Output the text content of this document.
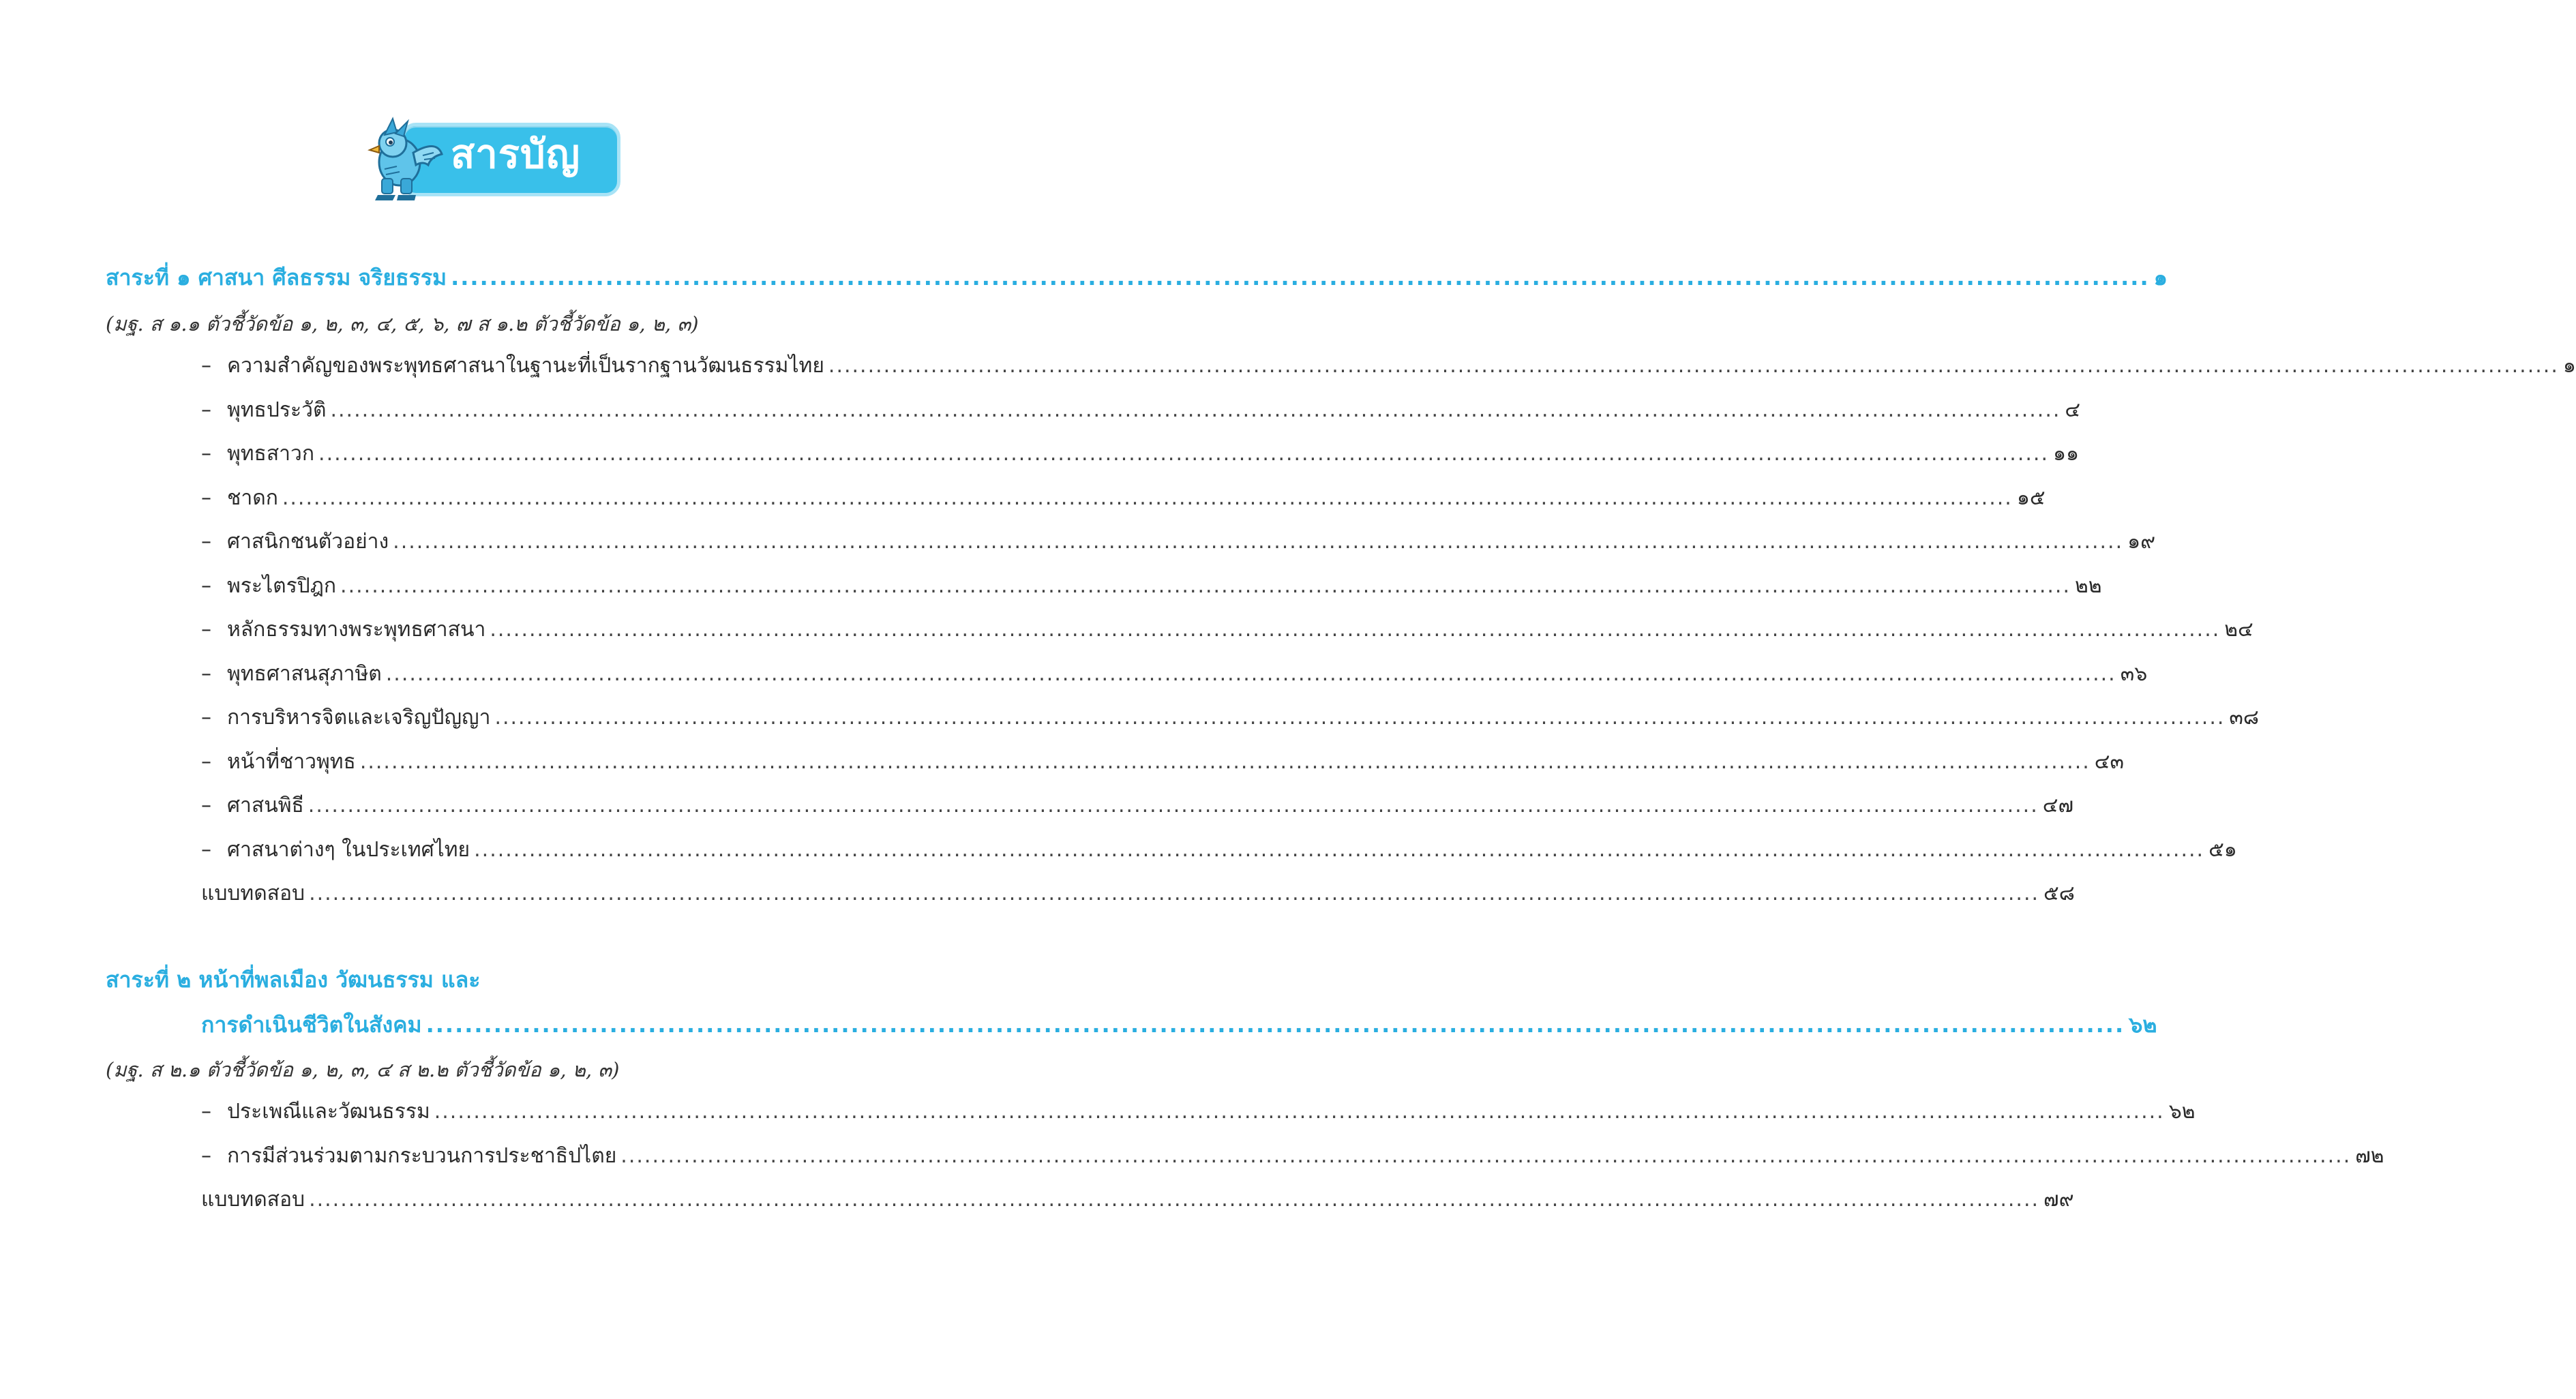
สารบัญ
สาระที่ ๑ ศาสนา ศีลธรรม จริยธรรม ................................................................................................................................................................................ ๑
(มฐ. ส ๑.๑ ตัวชี้วัดข้อ ๑, ๒, ๓, ๔, ๕, ๖, ๗ ส ๑.๒ ตัวชี้วัดข้อ ๑, ๒, ๓)
– ความสำคัญของพระพุทธศาสนาในฐานะที่เป็นรากฐานวัฒนธรรมไทย ............................................................................................................................................................................................................................ ๑
– พุทธประวัติ ............................................................................................................................................................................................................................ ๔
– พุทธสาวก ............................................................................................................................................................................................................................ ๑๑
– ชาดก ............................................................................................................................................................................................................................ ๑๕
– ศาสนิกชนตัวอย่าง ............................................................................................................................................................................................................................ ๑๙
– พระไตรปิฎก ............................................................................................................................................................................................................................ ๒๒
– หลักธรรมทางพระพุทธศาสนา ............................................................................................................................................................................................................................ ๒๔
– พุทธศาสนสุภาษิต ............................................................................................................................................................................................................................ ๓๖
– การบริหารจิตและเจริญปัญญา ............................................................................................................................................................................................................................ ๓๘
– หน้าที่ชาวพุทธ ............................................................................................................................................................................................................................ ๔๓
– ศาสนพิธี ............................................................................................................................................................................................................................ ๔๗
– ศาสนาต่างๆ ในประเทศไทย ............................................................................................................................................................................................................................ ๕๑
แบบทดสอบ ............................................................................................................................................................................................................................ ๕๘
สาระที่ ๒ หน้าที่พลเมือง วัฒนธรรม และ
การดำเนินชีวิตในสังคม ................................................................................................................................................................................ ๖๒
(มฐ. ส ๒.๑ ตัวชี้วัดข้อ ๑, ๒, ๓, ๔ ส ๒.๒ ตัวชี้วัดข้อ ๑, ๒, ๓)
– ประเพณีและวัฒนธรรม ............................................................................................................................................................................................................................ ๖๒
– การมีส่วนร่วมตามกระบวนการประชาธิปไตย ............................................................................................................................................................................................................................ ๗๒
แบบทดสอบ ............................................................................................................................................................................................................................ ๗๙
